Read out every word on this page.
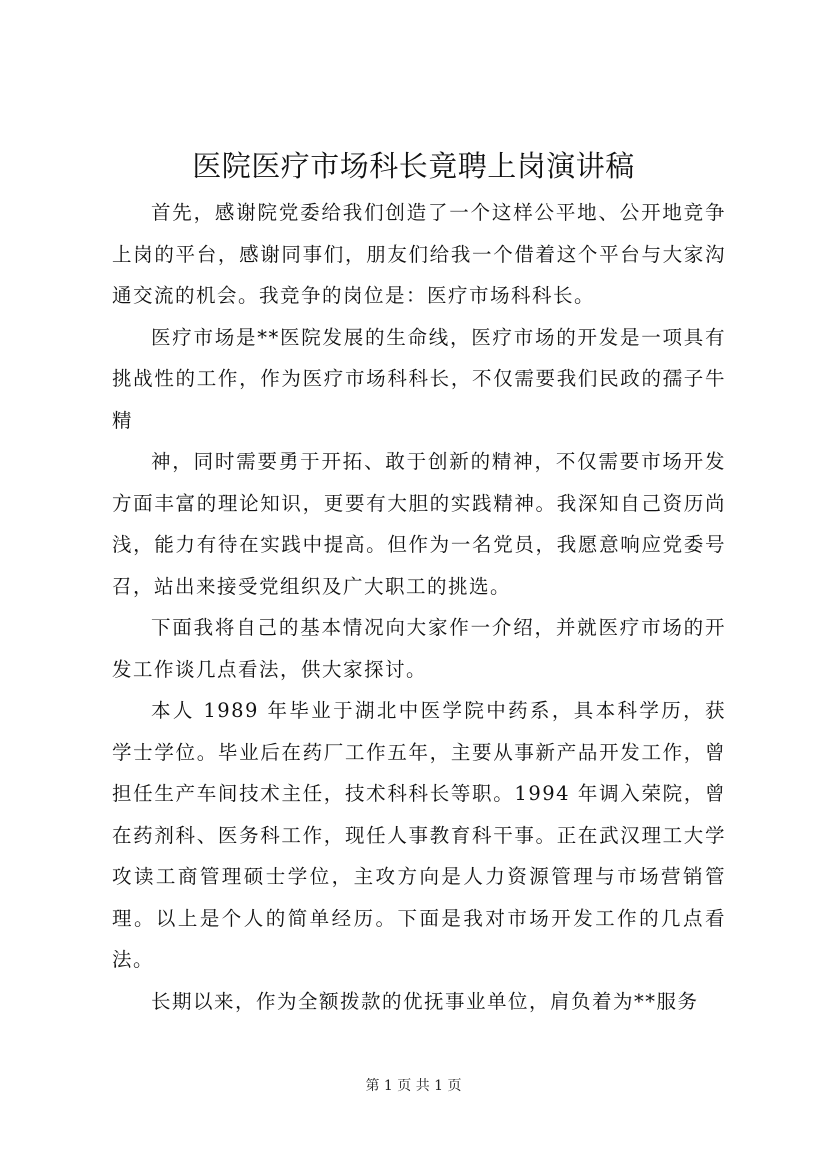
医院医疗市场科长竟聘上岗演讲稿

首先，感谢院党委给我们创造了一个这样公平地、公开地竞争上岗的平台，感谢同事们，朋友们给我一个借着这个平台与大家沟通交流的机会。我竞争的岗位是：医疗市场科科长。

医疗市场是**医院发展的生命线，医疗市场的开发是一项具有挑战性的工作，作为医疗市场科科长，不仅需要我们民政的孺子牛精

神，同时需要勇于开拓、敢于创新的精神，不仅需要市场开发方面丰富的理论知识，更要有大胆的实践精神。我深知自己资历尚浅，能力有待在实践中提高。但作为一名党员，我愿意响应党委号召，站出来接受党组织及广大职工的挑选。

下面我将自己的基本情况向大家作一介绍，并就医疗市场的开发工作谈几点看法，供大家探讨。

本人 1989 年毕业于湖北中医学院中药系，具本科学历，获学士学位。毕业后在药厂工作五年，主要从事新产品开发工作，曾担任生产车间技术主任，技术科科长等职。1994 年调入荣院，曾在药剂科、医务科工作，现任人事教育科干事。正在武汉理工大学攻读工商管理硕士学位，主攻方向是人力资源管理与市场营销管理。以上是个人的简单经历。下面是我对市场开发工作的几点看法。

长期以来，作为全额拨款的优抚事业单位，肩负着为**服务

第 1 页 共 1 页
